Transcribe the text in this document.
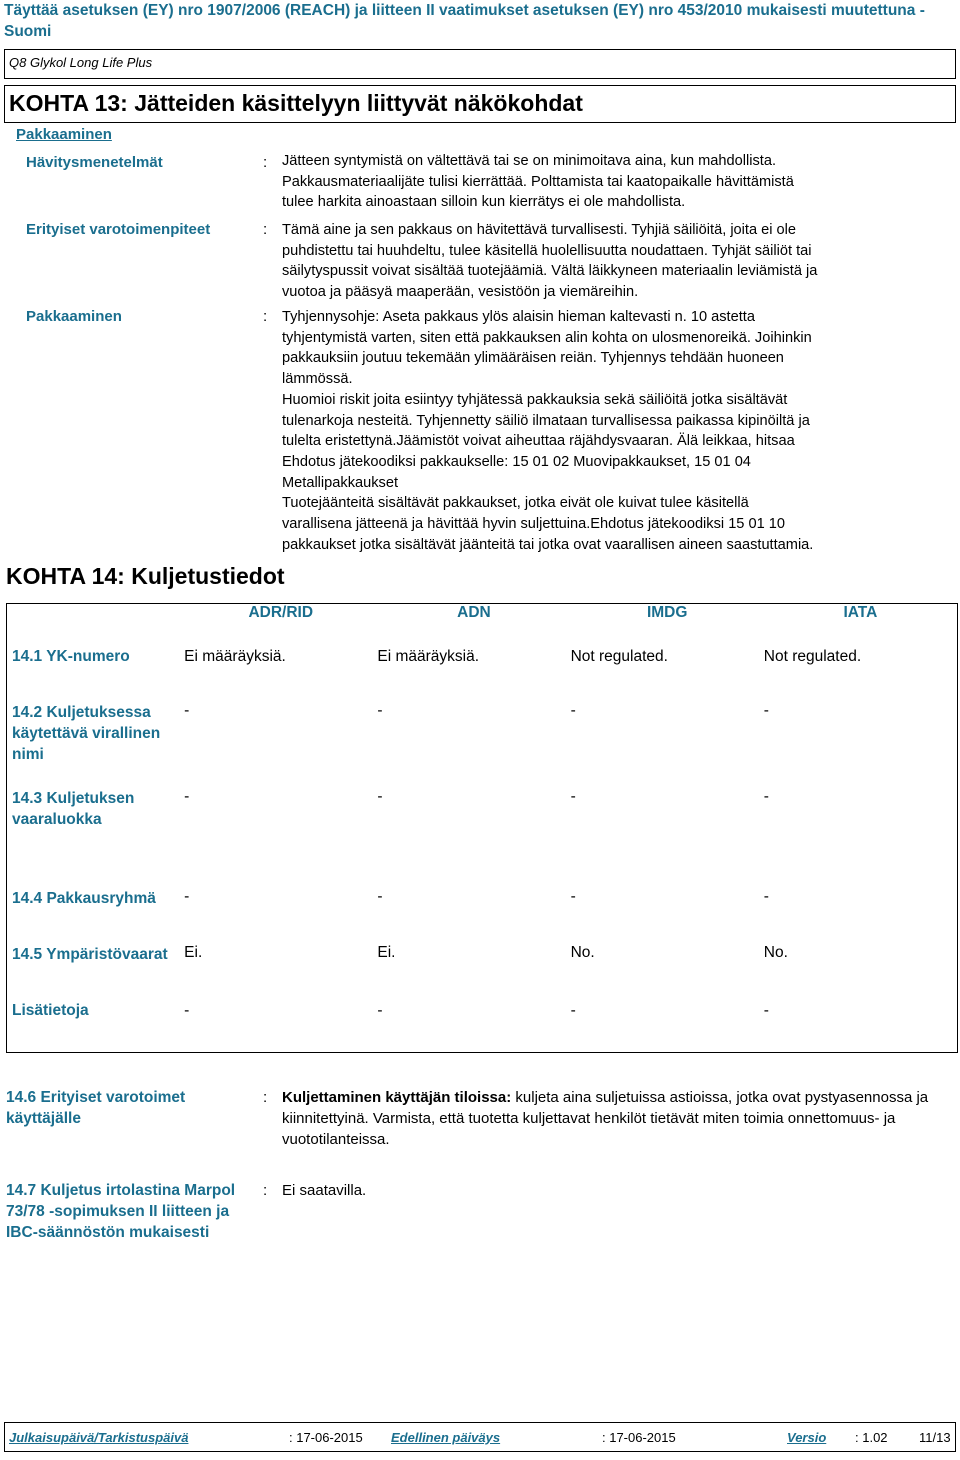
Täyttää asetuksen (EY) nro 1907/2006 (REACH) ja liitteen II vaatimukset asetuksen (EY) nro 453/2010 mukaisesti muutettuna - Suomi
Q8 Glykol Long Life Plus
KOHTA 13: Jätteiden käsittelyyn liittyvät näkökohdat
Pakkaaminen
Hävitysmenetelmät	: Jätteen syntymistä on vältettävä tai se on minimoitava aina, kun mahdollista.
Pakkausmateriaalijäte tulisi kierrättää. Polttamista tai kaatopaikalle hävittämistä
tulee harkita ainoastaan silloin kun kierrätys ei ole mahdollista.
Erityiset varotoimenpiteet	: Tämä aine ja sen pakkaus on hävitettävä turvallisesti. Tyhjiä säiliöitä, joita ei ole
puhdistettu tai huuhdeltu, tulee käsitellä huolellisuutta noudattaen. Tyhjät säiliöt tai
säilytyspussit voivat sisältää tuotejäämiä. Vältä läikkyneen materiaalin leviämistä ja
vuotoa ja pääsyä maaperään, vesistöön ja viemäreihin.
Pakkaaminen	: Tyhjennysohje: Aseta pakkaus ylös alaisin hieman kaltevasti n. 10 astetta
tyhjentymistä varten, siten että pakkauksen alin kohta on ulosmenoreikä. Joihinkin
pakkauksiin joutuu tekemään ylimääräisen reiän. Tyhjennys tehdään huoneen
lämmössä.
Huomioi riskit joita esiintyy tyhjätessä pakkauksia sekä säiliöitä jotka sisältävät
tulenarkoja nesteitä. Tyhjennetty säiliö ilmataan turvallisessa paikassa kipinöiltä ja
tulelta eristettynä.Jäämistöt voivat aiheuttaa räjähdysvaaran. Älä leikkaa, hitsaa
Ehdotus jätekoodiksi pakkaukselle: 15 01 02 Muovipakkaukset, 15 01 04
Metallipakkaukset
Tuotejäänteitä sisältävät pakkaukset, jotka eivät ole kuivat tulee käsitellä
varallisena jätteenä ja hävittää hyvin suljettuina.Ehdotus jätekoodiksi 15 01 10
pakkaukset jotka sisältävät jäänteitä tai jotka ovat vaarallisen aineen saastuttamia.
KOHTA 14: Kuljetustiedot
	ADR/RID	ADN	IMDG	IATA
14.1 YK-numero	Ei määräyksiä.	Ei määräyksiä.	Not regulated.	Not regulated.
14.2 Kuljetuksessa käytettävä virallinen nimi	-	-	-	-
14.3 Kuljetuksen vaaraluokka	-	-	-	-
14.4 Pakkausryhmä	-	-	-	-
14.5 Ympäristövaarat	Ei.	Ei.	No.	No.
Lisätietoja	-	-	-	-
14.6 Erityiset varotoimet käyttäjälle
: Kuljettaminen käyttäjän tiloissa: kuljeta aina suljetuissa astioissa, jotka ovat pystyasennossa ja kiinnitettyinä. Varmista, että tuotetta kuljettavat henkilöt tietävät miten toimia onnettomuus- ja vuototilanteissa.
14.7 Kuljetus irtolastina Marpol 73/78 -sopimuksen II liitteen ja IBC-säännöstön mukaisesti
: Ei saatavilla.
Julkaisupäivä/Tarkistuspäivä	: 17-06-2015 Edellinen päiväys	: 17-06-2015	Versio : 1.02 11/13
